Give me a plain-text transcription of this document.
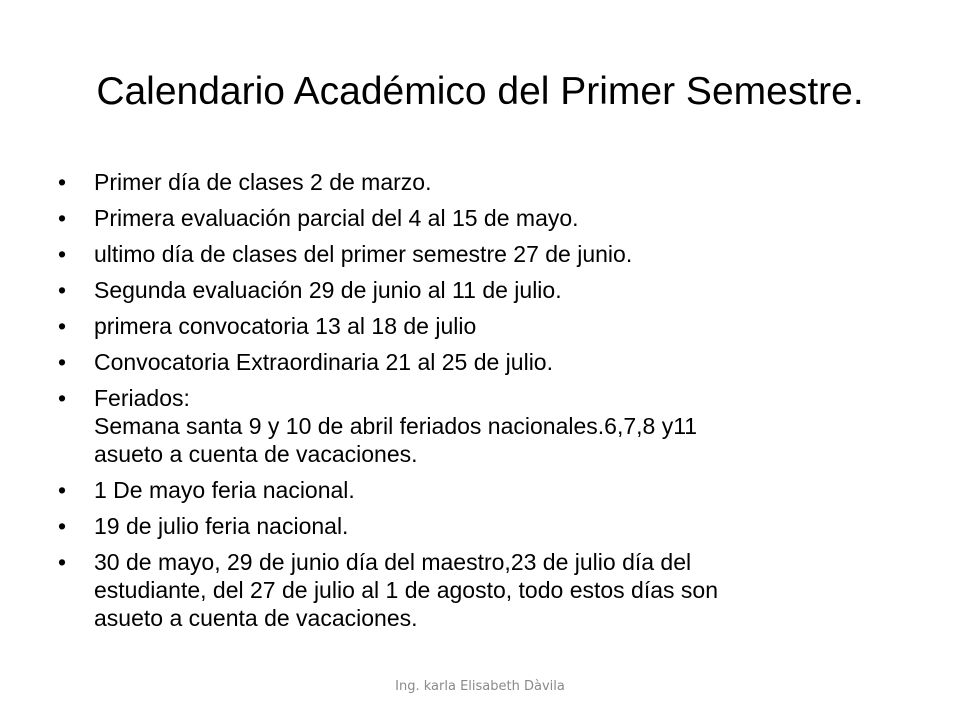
Calendario Académico del Primer Semestre.
• Primer día de clases 2 de marzo.
• Primera evaluación parcial del 4 al 15 de mayo.
• ultimo día de clases del primer semestre 27 de junio.
• Segunda evaluación 29 de junio al 11 de julio.
• primera convocatoria 13 al 18 de julio
• Convocatoria Extraordinaria 21 al 25 de julio.
• Feriados:
Semana santa 9 y 10 de abril feriados nacionales.6,7,8 y11
asueto a cuenta de vacaciones.
• 1 De mayo feria nacional.
• 19 de julio feria nacional.
• 30 de mayo, 29 de junio día del maestro,23 de julio día del
estudiante, del 27 de julio al 1 de agosto, todo estos días son
asueto a cuenta de vacaciones.
Ing. karla Elisabeth Dàvila
